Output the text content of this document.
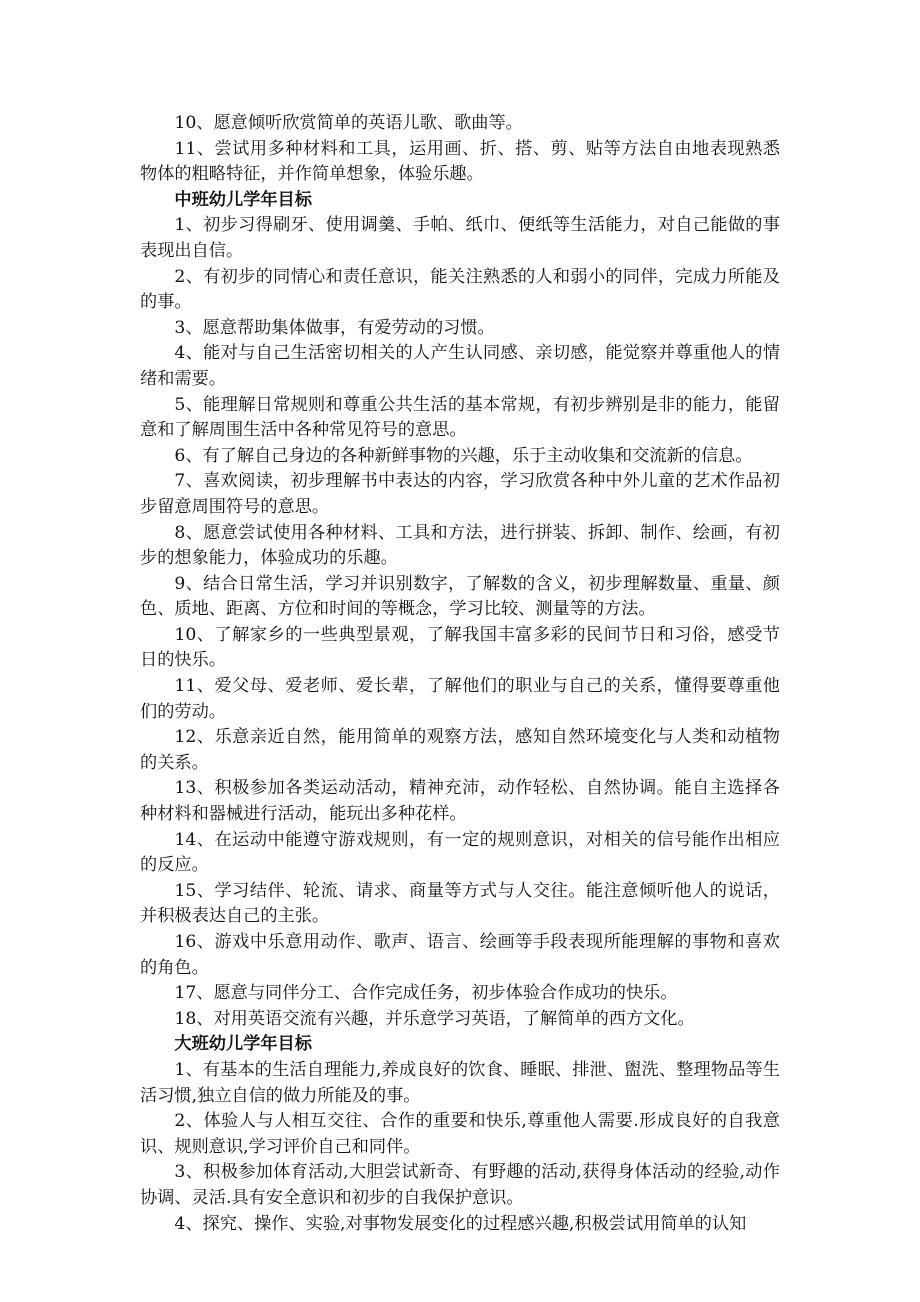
10、愿意倾听欣赏简单的英语儿歌、歌曲等。

11、尝试用多种材料和工具，运用画、折、搭、剪、贴等方法自由地表现熟悉物体的粗略特征，并作简单想象，体验乐趣。

中班幼儿学年目标

1、初步习得刷牙、使用调羹、手帕、纸巾、便纸等生活能力，对自己能做的事表现出自信。

2、有初步的同情心和责任意识，能关注熟悉的人和弱小的同伴，完成力所能及的事。

3、愿意帮助集体做事，有爱劳动的习惯。

4、能对与自己生活密切相关的人产生认同感、亲切感，能觉察并尊重他人的情绪和需要。

5、能理解日常规则和尊重公共生活的基本常规，有初步辨别是非的能力，能留意和了解周围生活中各种常见符号的意思。

6、有了解自己身边的各种新鲜事物的兴趣，乐于主动收集和交流新的信息。

7、喜欢阅读，初步理解书中表达的内容，学习欣赏各种中外儿童的艺术作品初步留意周围符号的意思。

8、愿意尝试使用各种材料、工具和方法，进行拼装、拆卸、制作、绘画，有初步的想象能力，体验成功的乐趣。

9、结合日常生活，学习并识别数字，了解数的含义，初步理解数量、重量、颜色、质地、距离、方位和时间的等概念，学习比较、测量等的方法。

10、了解家乡的一些典型景观，了解我国丰富多彩的民间节日和习俗，感受节日的快乐。

11、爱父母、爱老师、爱长辈，了解他们的职业与自己的关系，懂得要尊重他们的劳动。

12、乐意亲近自然，能用简单的观察方法，感知自然环境变化与人类和动植物的关系。

13、积极参加各类运动活动，精神充沛，动作轻松、自然协调。能自主选择各种材料和器械进行活动，能玩出多种花样。

14、在运动中能遵守游戏规则，有一定的规则意识，对相关的信号能作出相应的反应。

15、学习结伴、轮流、请求、商量等方式与人交往。能注意倾听他人的说话，并积极表达自己的主张。

16、游戏中乐意用动作、歌声、语言、绘画等手段表现所能理解的事物和喜欢的角色。

17、愿意与同伴分工、合作完成任务，初步体验合作成功的快乐。

18、对用英语交流有兴趣，并乐意学习英语，了解简单的西方文化。

大班幼儿学年目标

1、有基本的生活自理能力,养成良好的饮食、睡眠、排泄、盥洗、整理物品等生活习惯,独立自信的做力所能及的事。

2、体验人与人相互交往、合作的重要和快乐,尊重他人需要.形成良好的自我意识、规则意识,学习评价自己和同伴。

3、积极参加体育活动,大胆尝试新奇、有野趣的活动,获得身体活动的经验,动作协调、灵活.具有安全意识和初步的自我保护意识。

4、探究、操作、实验,对事物发展变化的过程感兴趣,积极尝试用简单的认知
